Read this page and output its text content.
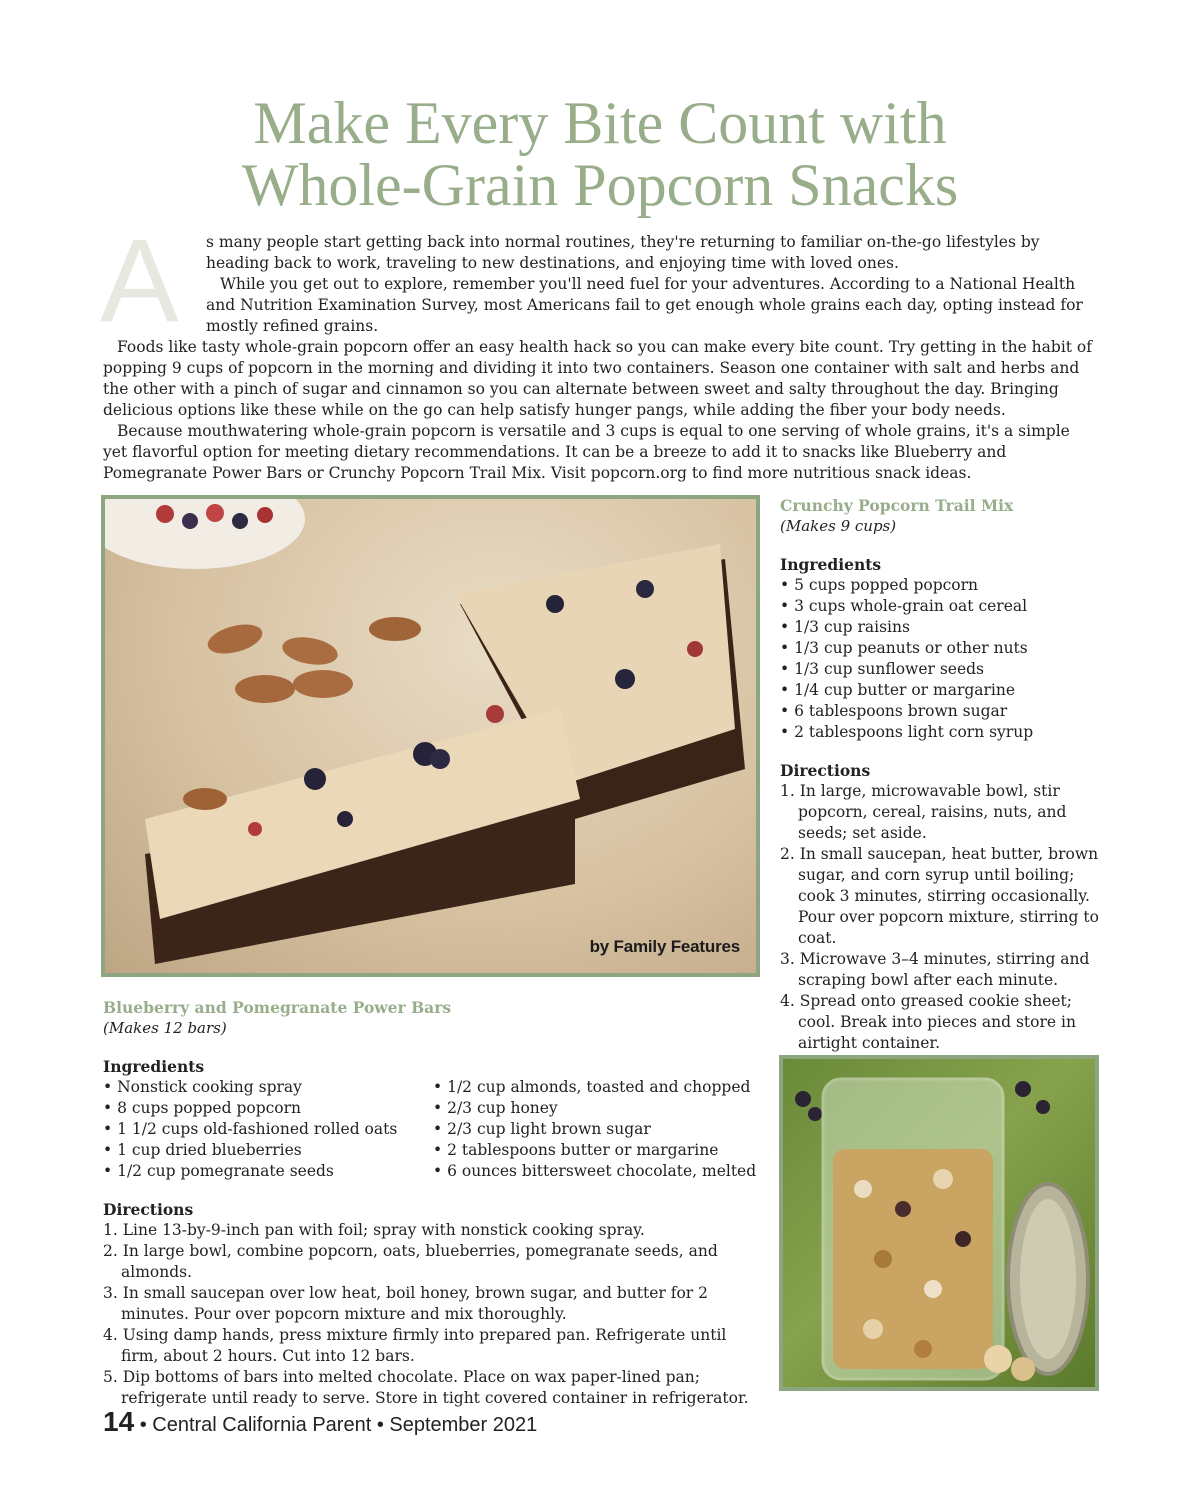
Make Every Bite Count with
Whole-Grain Popcorn Snacks
A	s many people start getting back into normal routines, they're returning to familiar on-the-go lifestyles by heading back to work, traveling to new destinations, and enjoying time with loved ones.

While you get out to explore, remember you'll need fuel for your adventures. According to a National Health and Nutrition Examination Survey, most Americans fail to get enough whole grains each day, opting instead for mostly refined grains.

Foods like tasty whole-grain popcorn offer an easy health hack so you can make every bite count. Try getting in the habit of popping 9 cups of popcorn in the morning and dividing it into two containers. Season one container with salt and herbs and the other with a pinch of sugar and cinnamon so you can alternate between sweet and salty throughout the day. Bringing delicious options like these while on the go can help satisfy hunger pangs, while adding the fiber your body needs.

Because mouthwatering whole-grain popcorn is versatile and 3 cups is equal to one serving of whole grains, it's a simple yet flavorful option for meeting dietary recommendations. It can be a breeze to add it to snacks like Blueberry and Pomegranate Power Bars or Crunchy Popcorn Trail Mix. Visit popcorn.org to find more nutritious snack ideas.

by Family Features

Crunchy Popcorn Trail Mix

(Makes 9 cups)

Ingredients

• 5 cups popped popcorn
• 3 cups whole-grain oat cereal
• 1/3 cup raisins
• 1/3 cup peanuts or other nuts
• 1/3 cup sunflower seeds
• 1/4 cup butter or margarine
• 6 tablespoons brown sugar
• 2 tablespoons light corn syrup

Directions

1. In large, microwavable bowl, stir popcorn, cereal, raisins, nuts, and seeds; set aside.
2. In small saucepan, heat butter, brown sugar, and corn syrup until boiling; cook 3 minutes, stirring occasionally. Pour over popcorn mixture, stirring to coat.
3. Microwave 3–4 minutes, stirring and scraping bowl after each minute.
4. Spread onto greased cookie sheet; cool. Break into pieces and store in airtight container.

Blueberry and Pomegranate Power Bars

(Makes 12 bars)

Ingredients

• Nonstick cooking spray
• 8 cups popped popcorn
• 1 1/2 cups old-fashioned rolled oats
• 1 cup dried blueberries
• 1/2 cup pomegranate seeds
• 1/2 cup almonds, toasted and chopped
• 2/3 cup honey
• 2/3 cup light brown sugar
• 2 tablespoons butter or margarine
• 6 ounces bittersweet chocolate, melted

Directions

1. Line 13-by-9-inch pan with foil; spray with nonstick cooking spray.
2. In large bowl, combine popcorn, oats, blueberries, pomegranate seeds, and almonds.
3. In small saucepan over low heat, boil honey, brown sugar, and butter for 2 minutes. Pour over popcorn mixture and mix thoroughly.
4. Using damp hands, press mixture firmly into prepared pan. Refrigerate until firm, about 2 hours. Cut into 12 bars.
5. Dip bottoms of bars into melted chocolate. Place on wax paper-lined pan; refrigerate until ready to serve. Store in tight covered container in refrigerator.
14 • Central California Parent • September 2021
